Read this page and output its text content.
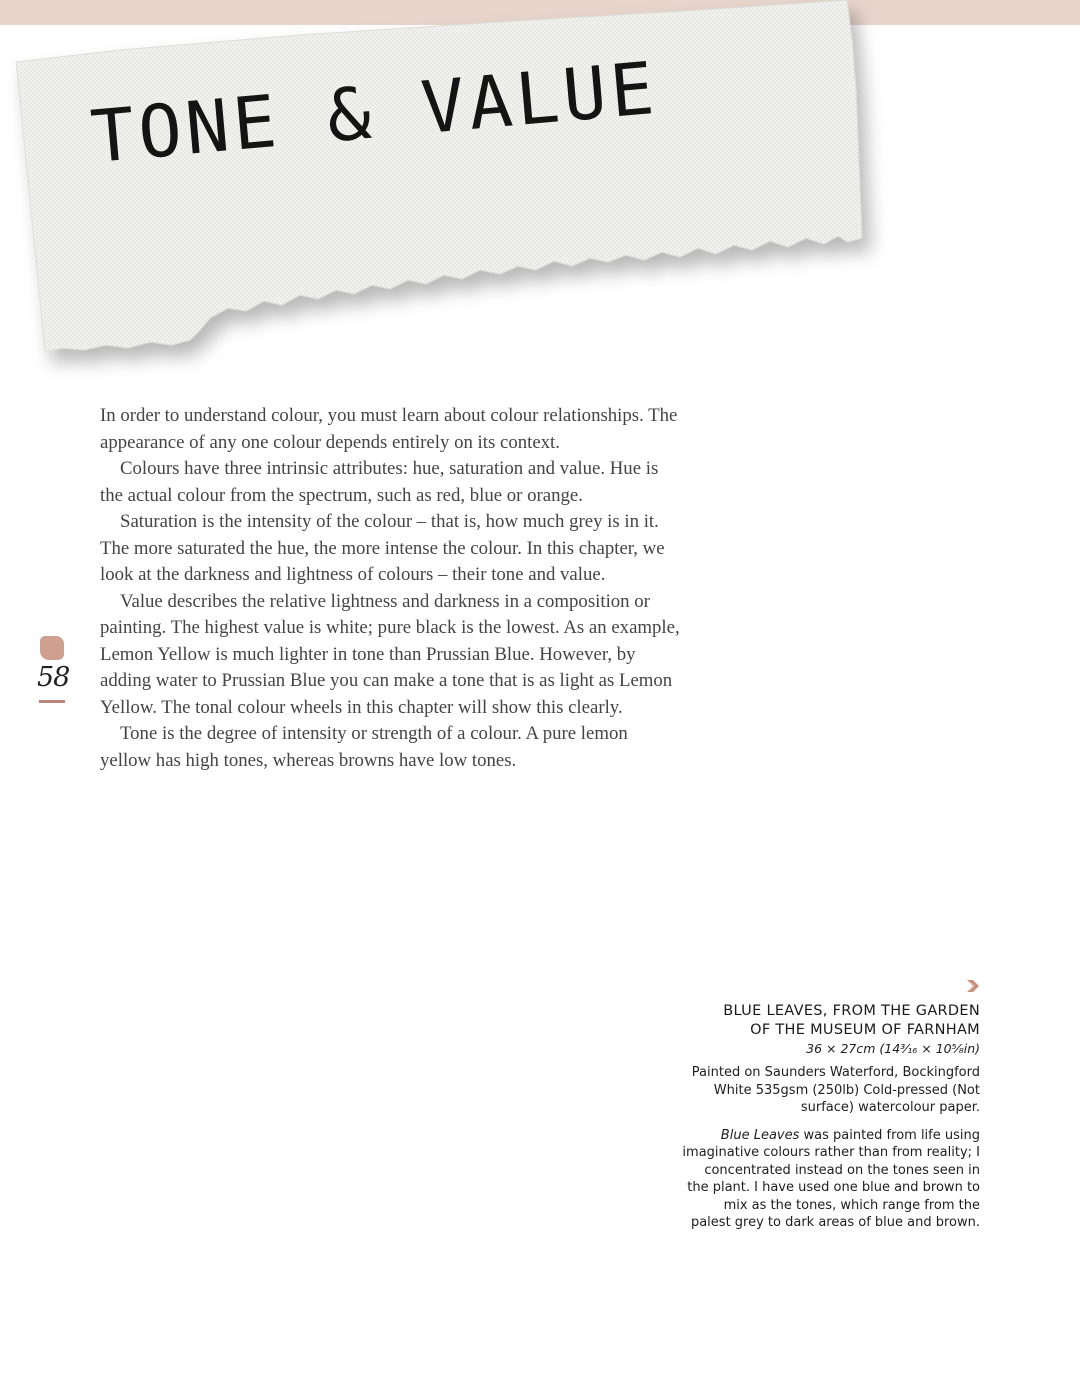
TONE & VALUE

In order to understand colour, you must learn about colour relationships. The appearance of any one colour depends entirely on its context.

Colours have three intrinsic attributes: hue, saturation and value. Hue is the actual colour from the spectrum, such as red, blue or orange.

Saturation is the intensity of the colour – that is, how much grey is in it. The more saturated the hue, the more intense the colour. In this chapter, we look at the darkness and lightness of colours – their tone and value.

Value describes the relative lightness and darkness in a composition or painting. The highest value is white; pure black is the lowest. As an example, Lemon Yellow is much lighter in tone than Prussian Blue. However, by adding water to Prussian Blue you can make a tone that is as light as Lemon Yellow. The tonal colour wheels in this chapter will show this clearly.

Tone is the degree of intensity or strength of a colour. A pure lemon yellow has high tones, whereas browns have low tones.

58
BLUE LEAVES, FROM THE GARDEN
OF THE MUSEUM OF FARNHAM
36 × 27cm (14³⁄₁₆ × 10⁵⁄₈in)
Painted on Saunders Waterford, Bockingford White 535gsm (250lb) Cold-pressed (Not surface) watercolour paper.
Blue Leaves was painted from life using imaginative colours rather than from reality; I concentrated instead on the tones seen in the plant. I have used one blue and brown to mix as the tones, which range from the palest grey to dark areas of blue and brown.
